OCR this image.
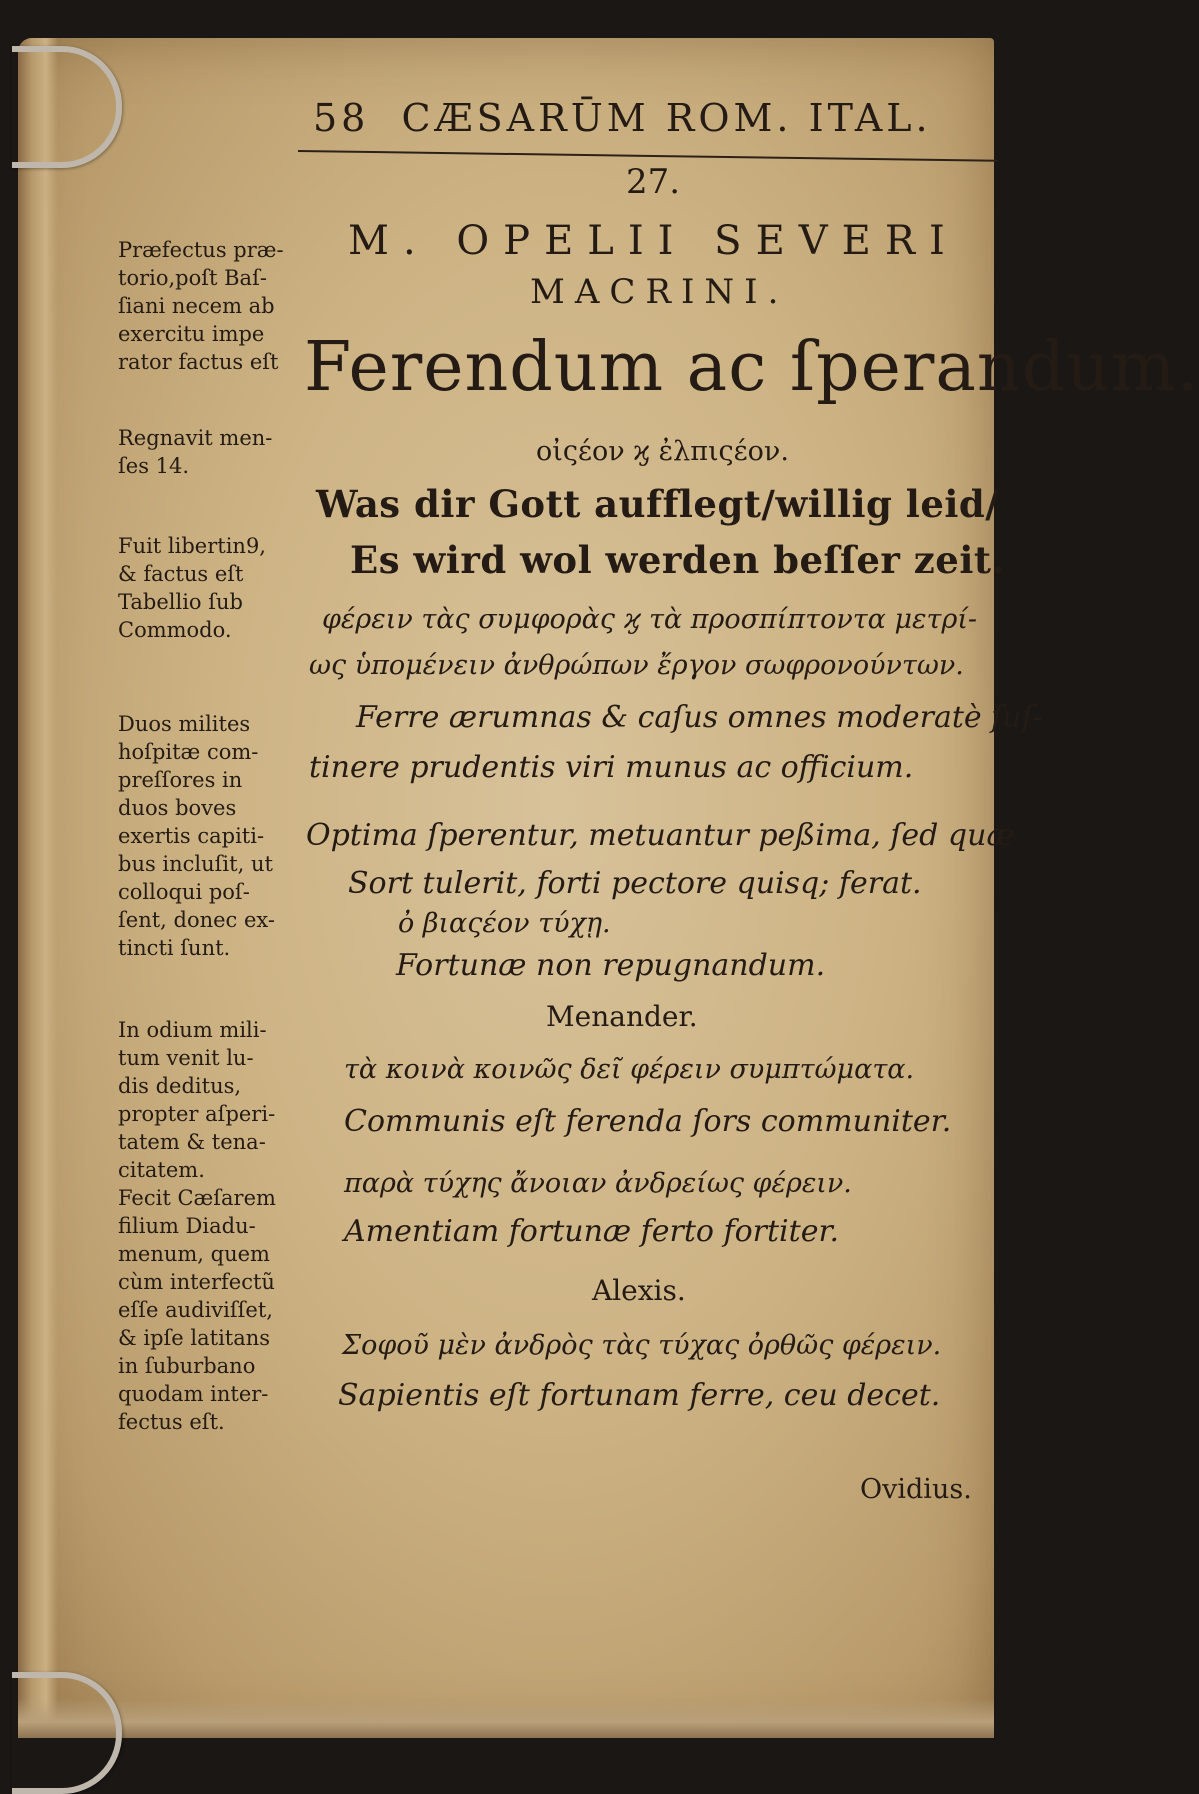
58 CÆSARŪM ROM. ITAL.

27.

M. OPELII SEVERI

MACRINI.

Ferendum ac ſperandum.

οἰςέον ϗ ἐλπιςέον.

Was dir Gott aufflegt/willig leid/

Es wird wol werden beſſer zeit.

φέρειν τὰς συμφορὰς ϗ τὰ προσπίπτοντα μετρί-

ως ὑπομένειν ἀνθρώπων ἔργον σωφρονούντων.

Ferre ærumnas & caſus omnes moderatè ſuſ-

tinere prudentis viri munus ac officium.

Optima ſperentur, metuantur peßima, ſed quæ

Sort tulerit, forti pectore quisq; ferat.

ὀ βιαςέον τύχῃ.

Fortunæ non repugnandum.

Menander.

τὰ κοινὰ κοινῶς δεῖ φέρειν συμπτώματα.

Communis eſt ferenda ſors communiter.

παρὰ τύχης ἄνοιαν ἀνδρείως φέρειν.

Amentiam fortunæ ferto fortiter.

Alexis.

Σοφοῦ μὲν ἀνδρὸς τὰς τύχας ὀρθῶς φέρειν.

Sapientis eſt fortunam ferre, ceu decet.

Ovidius.

Præfectus præ-
torio,poſt Baſ-
ſiani necem ab
exercitu impe
rator factus eſt
Regnavit men-
ſes 14.
Fuit libertin9,
& factus eſt
Tabellio ſub
Commodo.
Duos milites
hoſpitæ com-
preſſores in
duos boves
exertis capiti-
bus incluſit, ut
colloqui poſ-
ſent, donec ex-
tincti ſunt.
In odium mili-
tum venit lu-
dis deditus,
propter aſperi-
tatem & tena-
citatem.
Fecit Cæſarem
filium Diadu-
menum, quem
cùm interfectũ
eſſe audiviſſet,
& ipſe latitans
in ſuburbano
quodam inter-
fectus eſt.
